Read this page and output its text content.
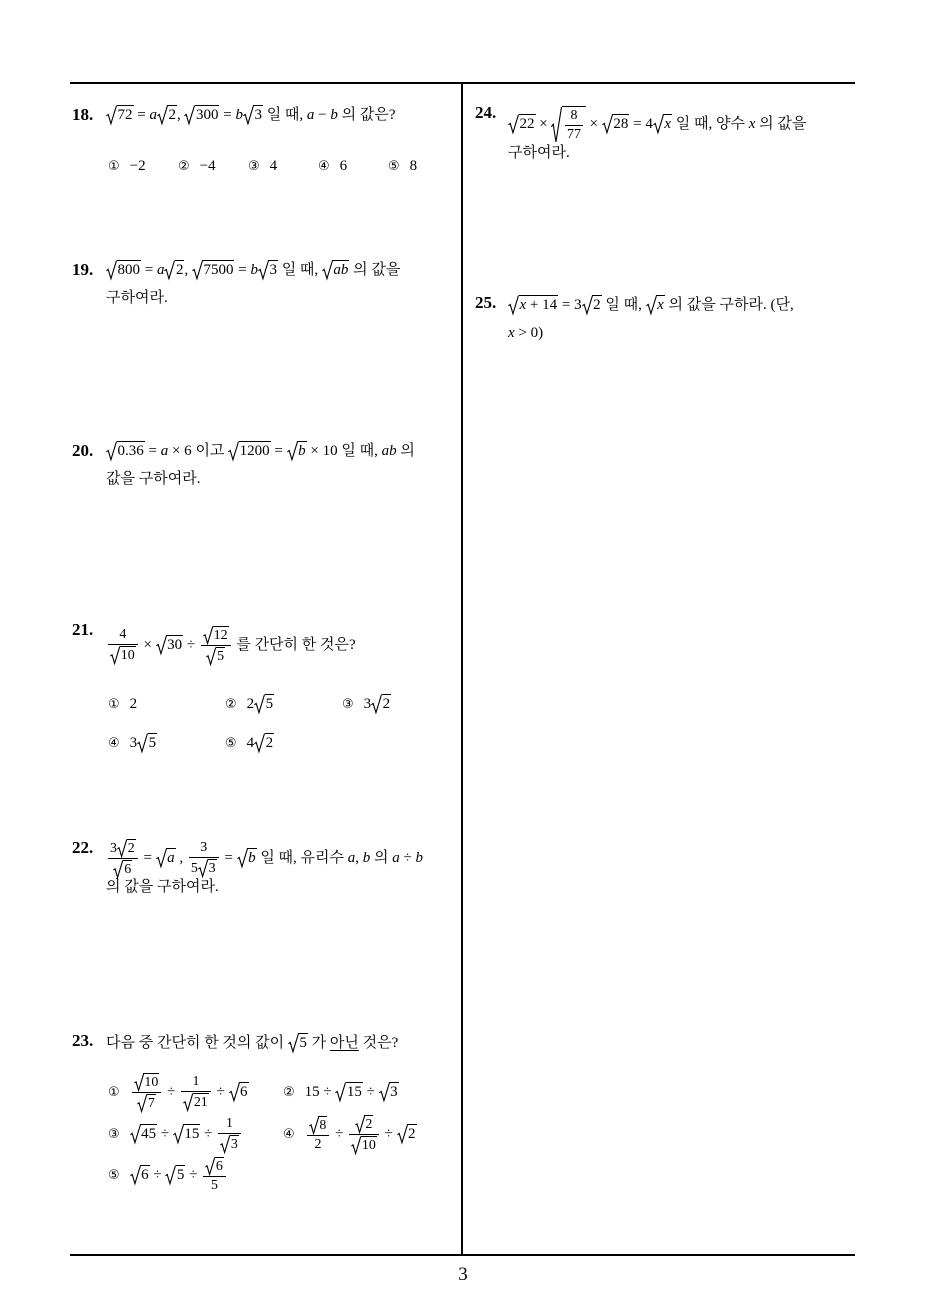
18.	72 = a 2,
300 = b 3 일 때, a − b 의 값은?
① −2	② −4	③ 4	④ 6	⑤ 8
19.	800 = a 2,
7500 = b 3 일 때,
ab 의 값을
구하여라.
20.	0.36 = a × 6 이고
1200 =
b × 10 일 때, ab 의
값을 구하여라.
21. $\frac{4}{10}$ ×
$30 \div \frac{12}{5}$ 를 간단히 한 것은?
① 2	② 2 5	③ 3 2
④ 3 5	⑤ 4 2
22. $\frac{3 2}{6}$ =
a , $\frac{3}{5 3}$ =
b 일 때, 유리수 a, b 의 a ÷ b
의 값을 구하여라.
23. 다음 중 간단히 한 것의 값이
5 가 아닌 것은?
① $\frac{10}{7} \div \frac{1}{21}$ ÷
6	② 15 ÷
15 ÷
3
③ 45 ÷
$15 \div \frac{1}{3}$	④ $\frac{8}{2} \div \frac{2}{10}$ ÷
2
⑤ 6 ÷
$5 \div \frac{6}{5}$
24.
$22 \times \frac{8}{77}$ ×
28 = 4 x 일 때, 양수 x 의 값을
구하여라.
25.	x + 14 = 3 2 일 때,
x 의 값을 구하라. (단,
x > 0)
3
